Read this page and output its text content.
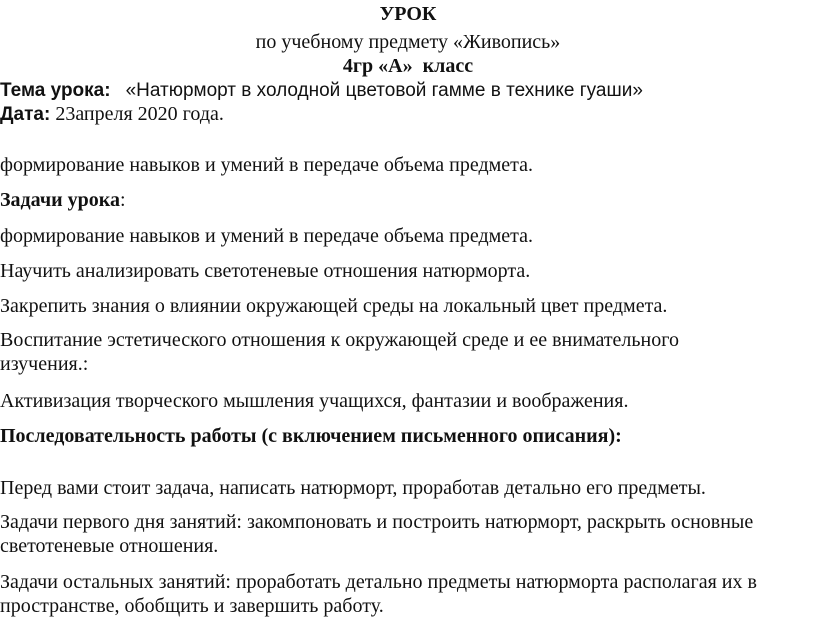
УРОК
по учебному предмету «Живопись»
4гр «А»  класс
Тема урока: «Натюрморт в холодной цветовой гамме в технике гуаши»
Дата: 23апреля 2020 года.
формирование навыков и умений в передаче объема предмета.
Задачи урока:
формирование навыков и умений в передаче объема предмета.
Научить анализировать светотеневые отношения натюрморта.
Закрепить знания о влиянии окружающей среды на локальный цвет предмета.
Воспитание эстетического отношения к окружающей среде и ее внимательного изучения.:
Активизация творческого мышления учащихся, фантазии и воображения.
Последовательность работы (с включением письменного описания):
Перед вами стоит задача, написать натюрморт, проработав детально его предметы.
Задачи первого дня занятий: закомпоновать и построить натюрморт, раскрыть основные светотеневые отношения.
Задачи остальных занятий: проработать детально предметы натюрморта располагая их в пространстве, обобщить и завершить работу.
